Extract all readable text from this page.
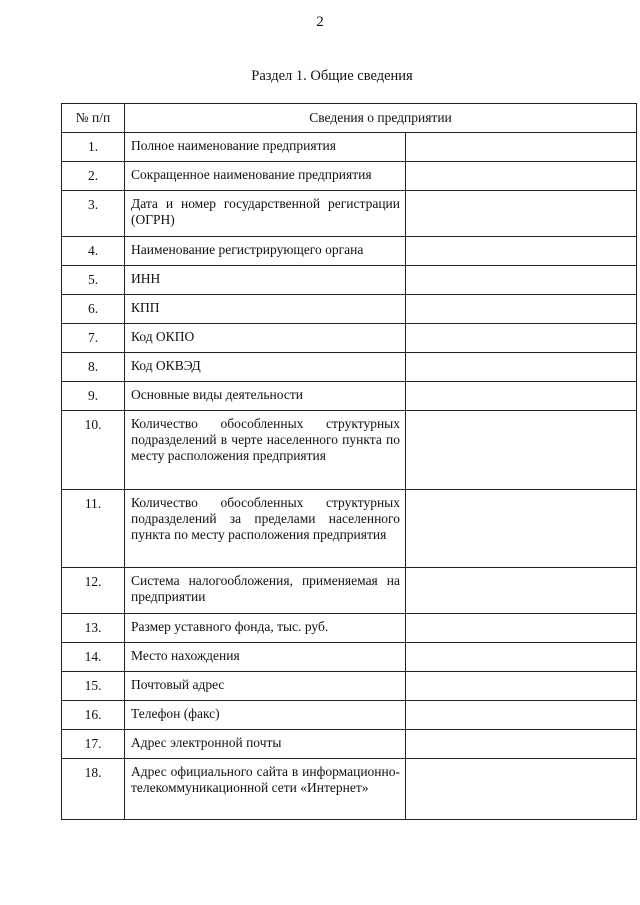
2
Раздел 1. Общие сведения
№ п/п	Сведения о предприятии	
1.	Полное наименование предприятия	
2.	Сокращенное наименование предприятия	
3.	Дата и номер государственной регистрации (ОГРН)	
4.	Наименование регистрирующего органа	
5.	ИНН	
6.	КПП	
7.	Код ОКПО	
8.	Код ОКВЭД	
9.	Основные виды деятельности	
10.	Количество обособленных структурных подразделений в черте населенного пункта по месту расположения предприятия	
11.	Количество обособленных структурных подразделений за пределами населенного пункта по месту расположения предприятия	
12.	Система налогообложения, применяемая на предприятии	
13.	Размер уставного фонда, тыс. руб.	
14.	Место нахождения	
15.	Почтовый адрес	
16.	Телефон (факс)	
17.	Адрес электронной почты	
18.	Адрес официального сайта в информационно-телекоммуникационной сети «Интернет»	
